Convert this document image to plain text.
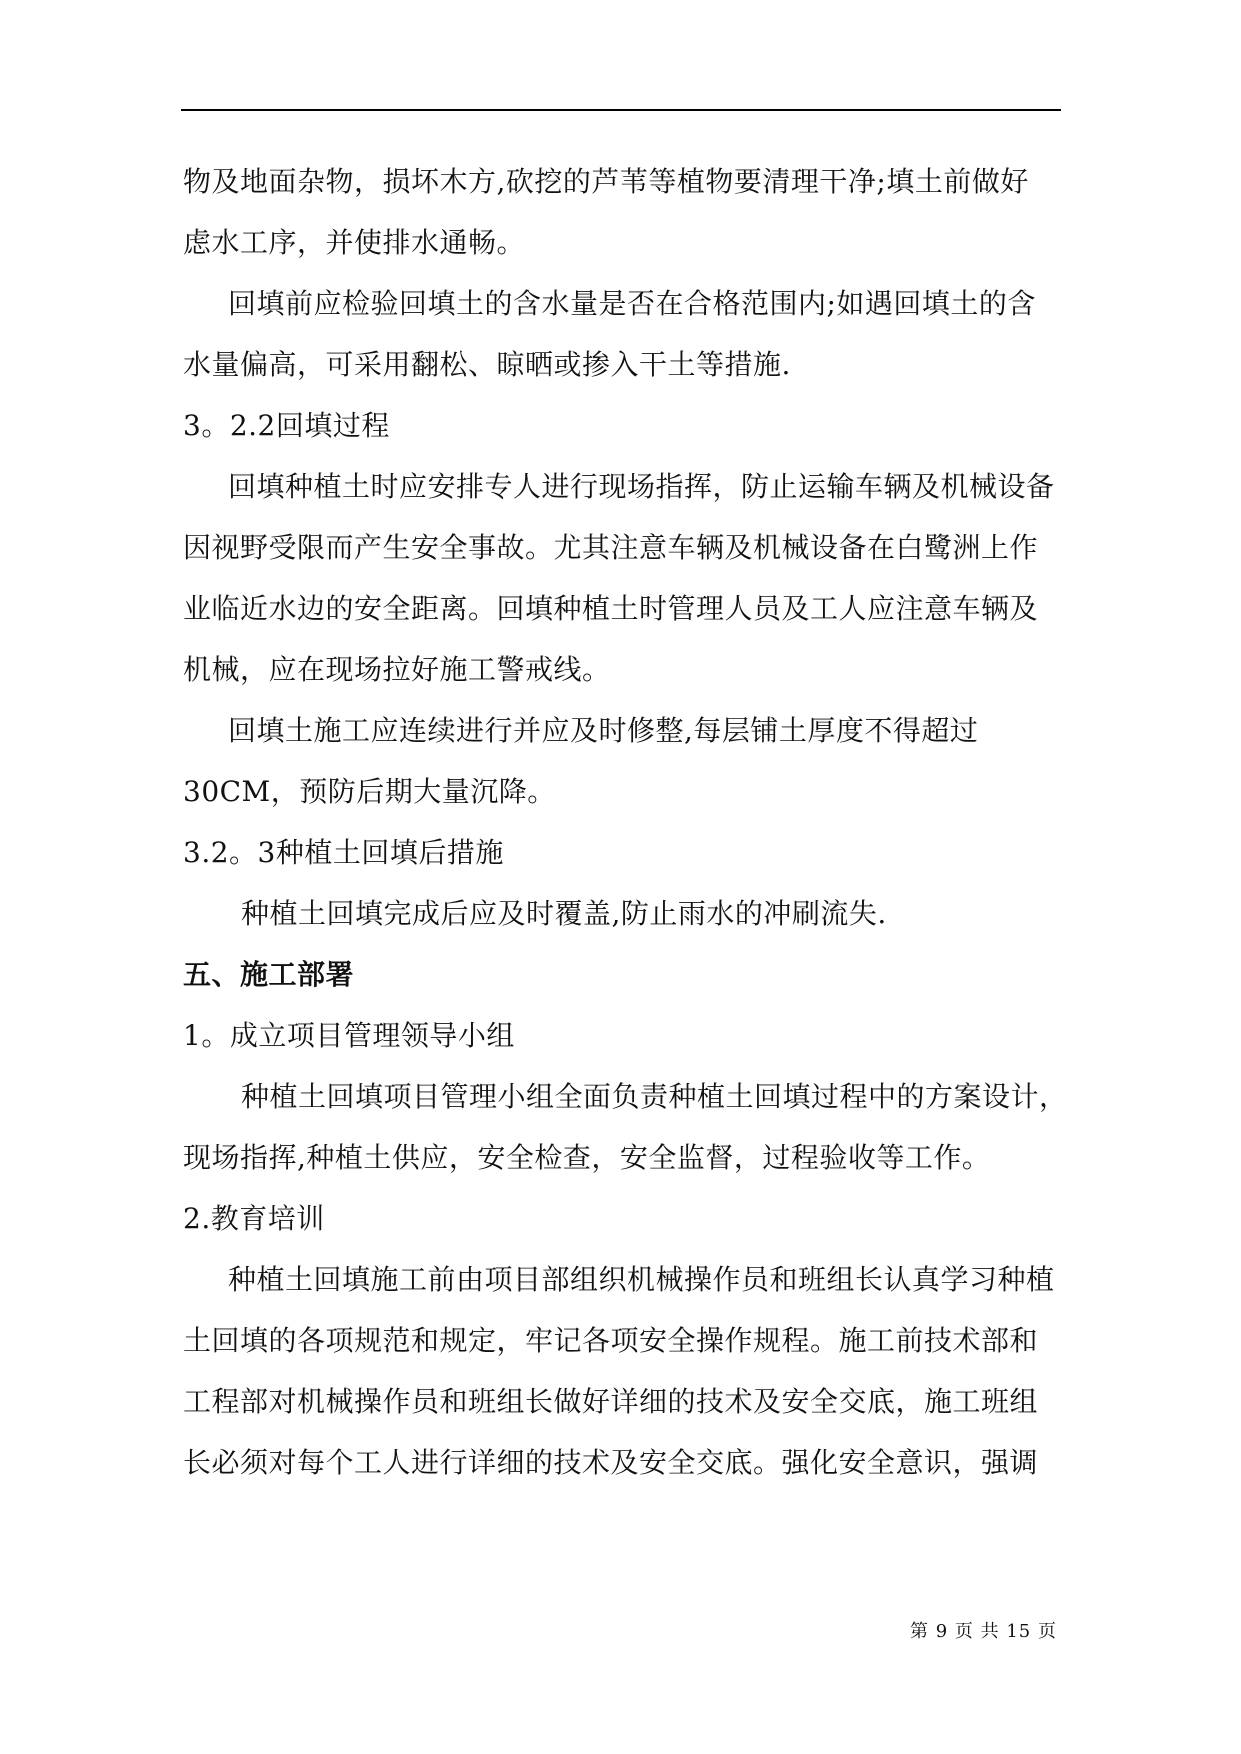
物及地面杂物，损坏木方,砍挖的芦苇等植物要清理干净;填土前做好
虑水工序，并使排水通畅。
回填前应检验回填土的含水量是否在合格范围内;如遇回填土的含
水量偏高，可采用翻松、晾晒或掺入干土等措施.
3。2.2回填过程
回填种植土时应安排专人进行现场指挥，防止运输车辆及机械设备
因视野受限而产生安全事故。尤其注意车辆及机械设备在白鹭洲上作
业临近水边的安全距离。回填种植土时管理人员及工人应注意车辆及
机械，应在现场拉好施工警戒线。
回填土施工应连续进行并应及时修整,每层铺土厚度不得超过
30CM，预防后期大量沉降。
3.2。3种植土回填后措施
种植土回填完成后应及时覆盖,防止雨水的冲刷流失.
五、施工部署
1。成立项目管理领导小组
种植土回填项目管理小组全面负责种植土回填过程中的方案设计，
现场指挥,种植土供应，安全检查，安全监督，过程验收等工作。
2.教育培训
种植土回填施工前由项目部组织机械操作员和班组长认真学习种植
土回填的各项规范和规定，牢记各项安全操作规程。施工前技术部和
工程部对机械操作员和班组长做好详细的技术及安全交底，施工班组
长必须对每个工人进行详细的技术及安全交底。强化安全意识，强调
第 9 页 共 15 页
